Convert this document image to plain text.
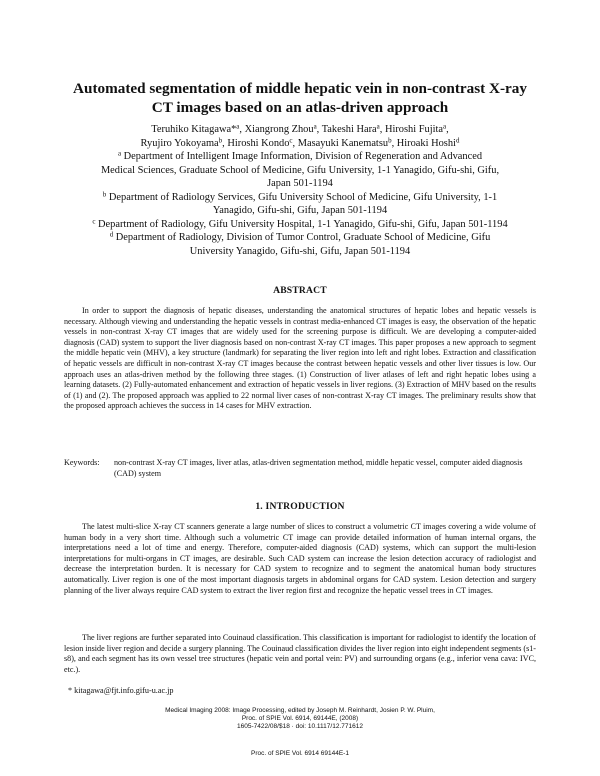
Automated segmentation of middle hepatic vein in non-contrast X-ray
CT images based on an atlas-driven approach

Teruhiko Kitagawa*$^a$, Xiangrong Zhou$^a$, Takeshi Hara$^a$, Hiroshi Fujita$^a$,

Ryujiro Yokoyama$^b$, Hiroshi Kondo$^c$, Masayuki Kanematsu$^b$, Hiroaki Hoshi$^d$

$^a$ Department of Intelligent Image Information, Division of Regeneration and Advanced

Medical Sciences, Graduate School of Medicine, Gifu University, 1-1 Yanagido, Gifu-shi, Gifu,

Japan 501-1194

$^b$ Department of Radiology Services, Gifu University School of Medicine, Gifu University, 1-1

Yanagido, Gifu-shi, Gifu, Japan 501-1194

$^c$ Department of Radiology, Gifu University Hospital, 1-1 Yanagido, Gifu-shi, Gifu, Japan 501-1194

$^d$ Department of Radiology, Division of Tumor Control, Graduate School of Medicine, Gifu

University Yanagido, Gifu-shi, Gifu, Japan 501-1194

ABSTRACT

In order to support the diagnosis of hepatic diseases, understanding the anatomical structures of hepatic lobes and hepatic vessels is necessary. Although viewing and understanding the hepatic vessels in contrast media-enhanced CT images is easy, the observation of the hepatic vessels in non-contrast X-ray CT images that are widely used for the screening purpose is difficult. We are developing a computer-aided diagnosis (CAD) system to support the liver diagnosis based on non-contrast X-ray CT images. This paper proposes a new approach to segment the middle hepatic vein (MHV), a key structure (landmark) for separating the liver region into left and right lobes. Extraction and classification of hepatic vessels are difficult in non-contrast X-ray CT images because the contrast between hepatic vessels and other liver tissues is low. Our approach uses an atlas-driven method by the following three stages. (1) Construction of liver atlases of left and right hepatic lobes using a learning datasets. (2) Fully-automated enhancement and extraction of hepatic vessels in liver regions. (3) Extraction of MHV based on the results of (1) and (2). The proposed approach was applied to 22 normal liver cases of non-contrast X-ray CT images. The preliminary results show that the proposed approach achieves the success in 14 cases for MHV extraction.

Keywords:	non-contrast X-ray CT images, liver atlas, atlas-driven segmentation method, middle hepatic vessel, computer aided diagnosis (CAD) system
1. INTRODUCTION

The latest multi-slice X-ray CT scanners generate a large number of slices to construct a volumetric CT images covering a wide volume of human body in a very short time. Although such a volumetric CT image can provide detailed information of human internal organs, the interpretations need a lot of time and energy. Therefore, computer-aided diagnosis (CAD) systems, which can support the multi-lesion interpretations for multi-organs in CT images, are desirable. Such CAD system can increase the lesion detection accuracy of radiologist and decrease the interpretation burden. It is necessary for CAD system to recognize and to segment the anatomical human body structures automatically. Liver region is one of the most important diagnosis targets in abdominal organs for CAD system. Lesion detection and surgery planning of the liver always require CAD system to extract the liver region first and recognize the hepatic vessel trees in CT images.

The liver regions are further separated into Couinaud classification. This classification is important for radiologist to identify the location of lesion inside liver region and decide a surgery planning. The Couinaud classification divides the liver region into eight independent segments (s1-s8), and each segment has its own vessel tree structures (hepatic vein and portal vein: PV) and surrounding organs (e.g., inferior vena cava: IVC, etc.).

* kitagawa@fjt.info.gifu-u.ac.jp

Medical Imaging 2008: Image Processing, edited by Joseph M. Reinhardt, Josien P. W. Pluim,

Proc. of SPIE Vol. 6914, 69144E, (2008)

1605-7422/08/$18 · doi: 10.1117/12.771612

Proc. of SPIE Vol. 6914 69144E-1
